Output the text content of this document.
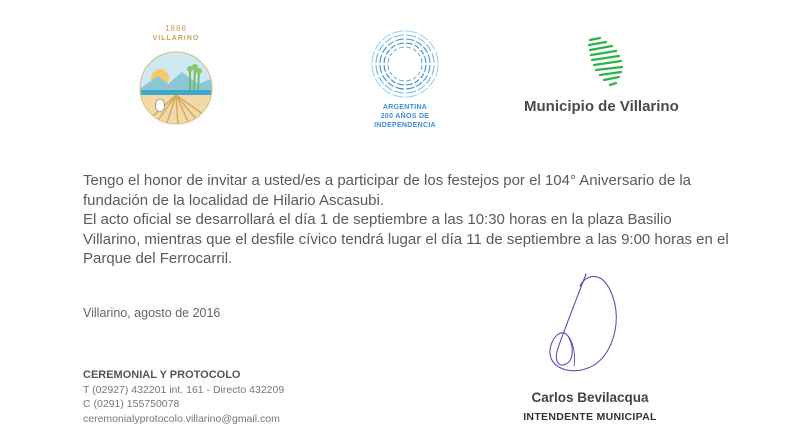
1886
VILLARINO
ARGENTINA
200 AÑOS DE
INDEPENDENCIA
Municipio de Villarino

Tengo el honor de invitar a usted/es a participar de los festejos por el 104° Aniversario de la fundación de la localidad de Hilario Ascasubi.

El acto oficial se desarrollará el día 1 de septiembre a las 10:30 horas en la plaza Basilio Villarino, mientras que el desfile cívico tendrá lugar el día 11 de septiembre a las 9:00 horas en el Parque del Ferrocarril.

Villarino, agosto de 2016
CEREMONIAL Y PROTOCOLO
T (02927) 432201 int. 161 - Directo 432209
C (0291) 155750078
ceremonialyprotocolo.villarino@gmail.com
Carlos Bevilacqua
INTENDENTE MUNICIPAL
